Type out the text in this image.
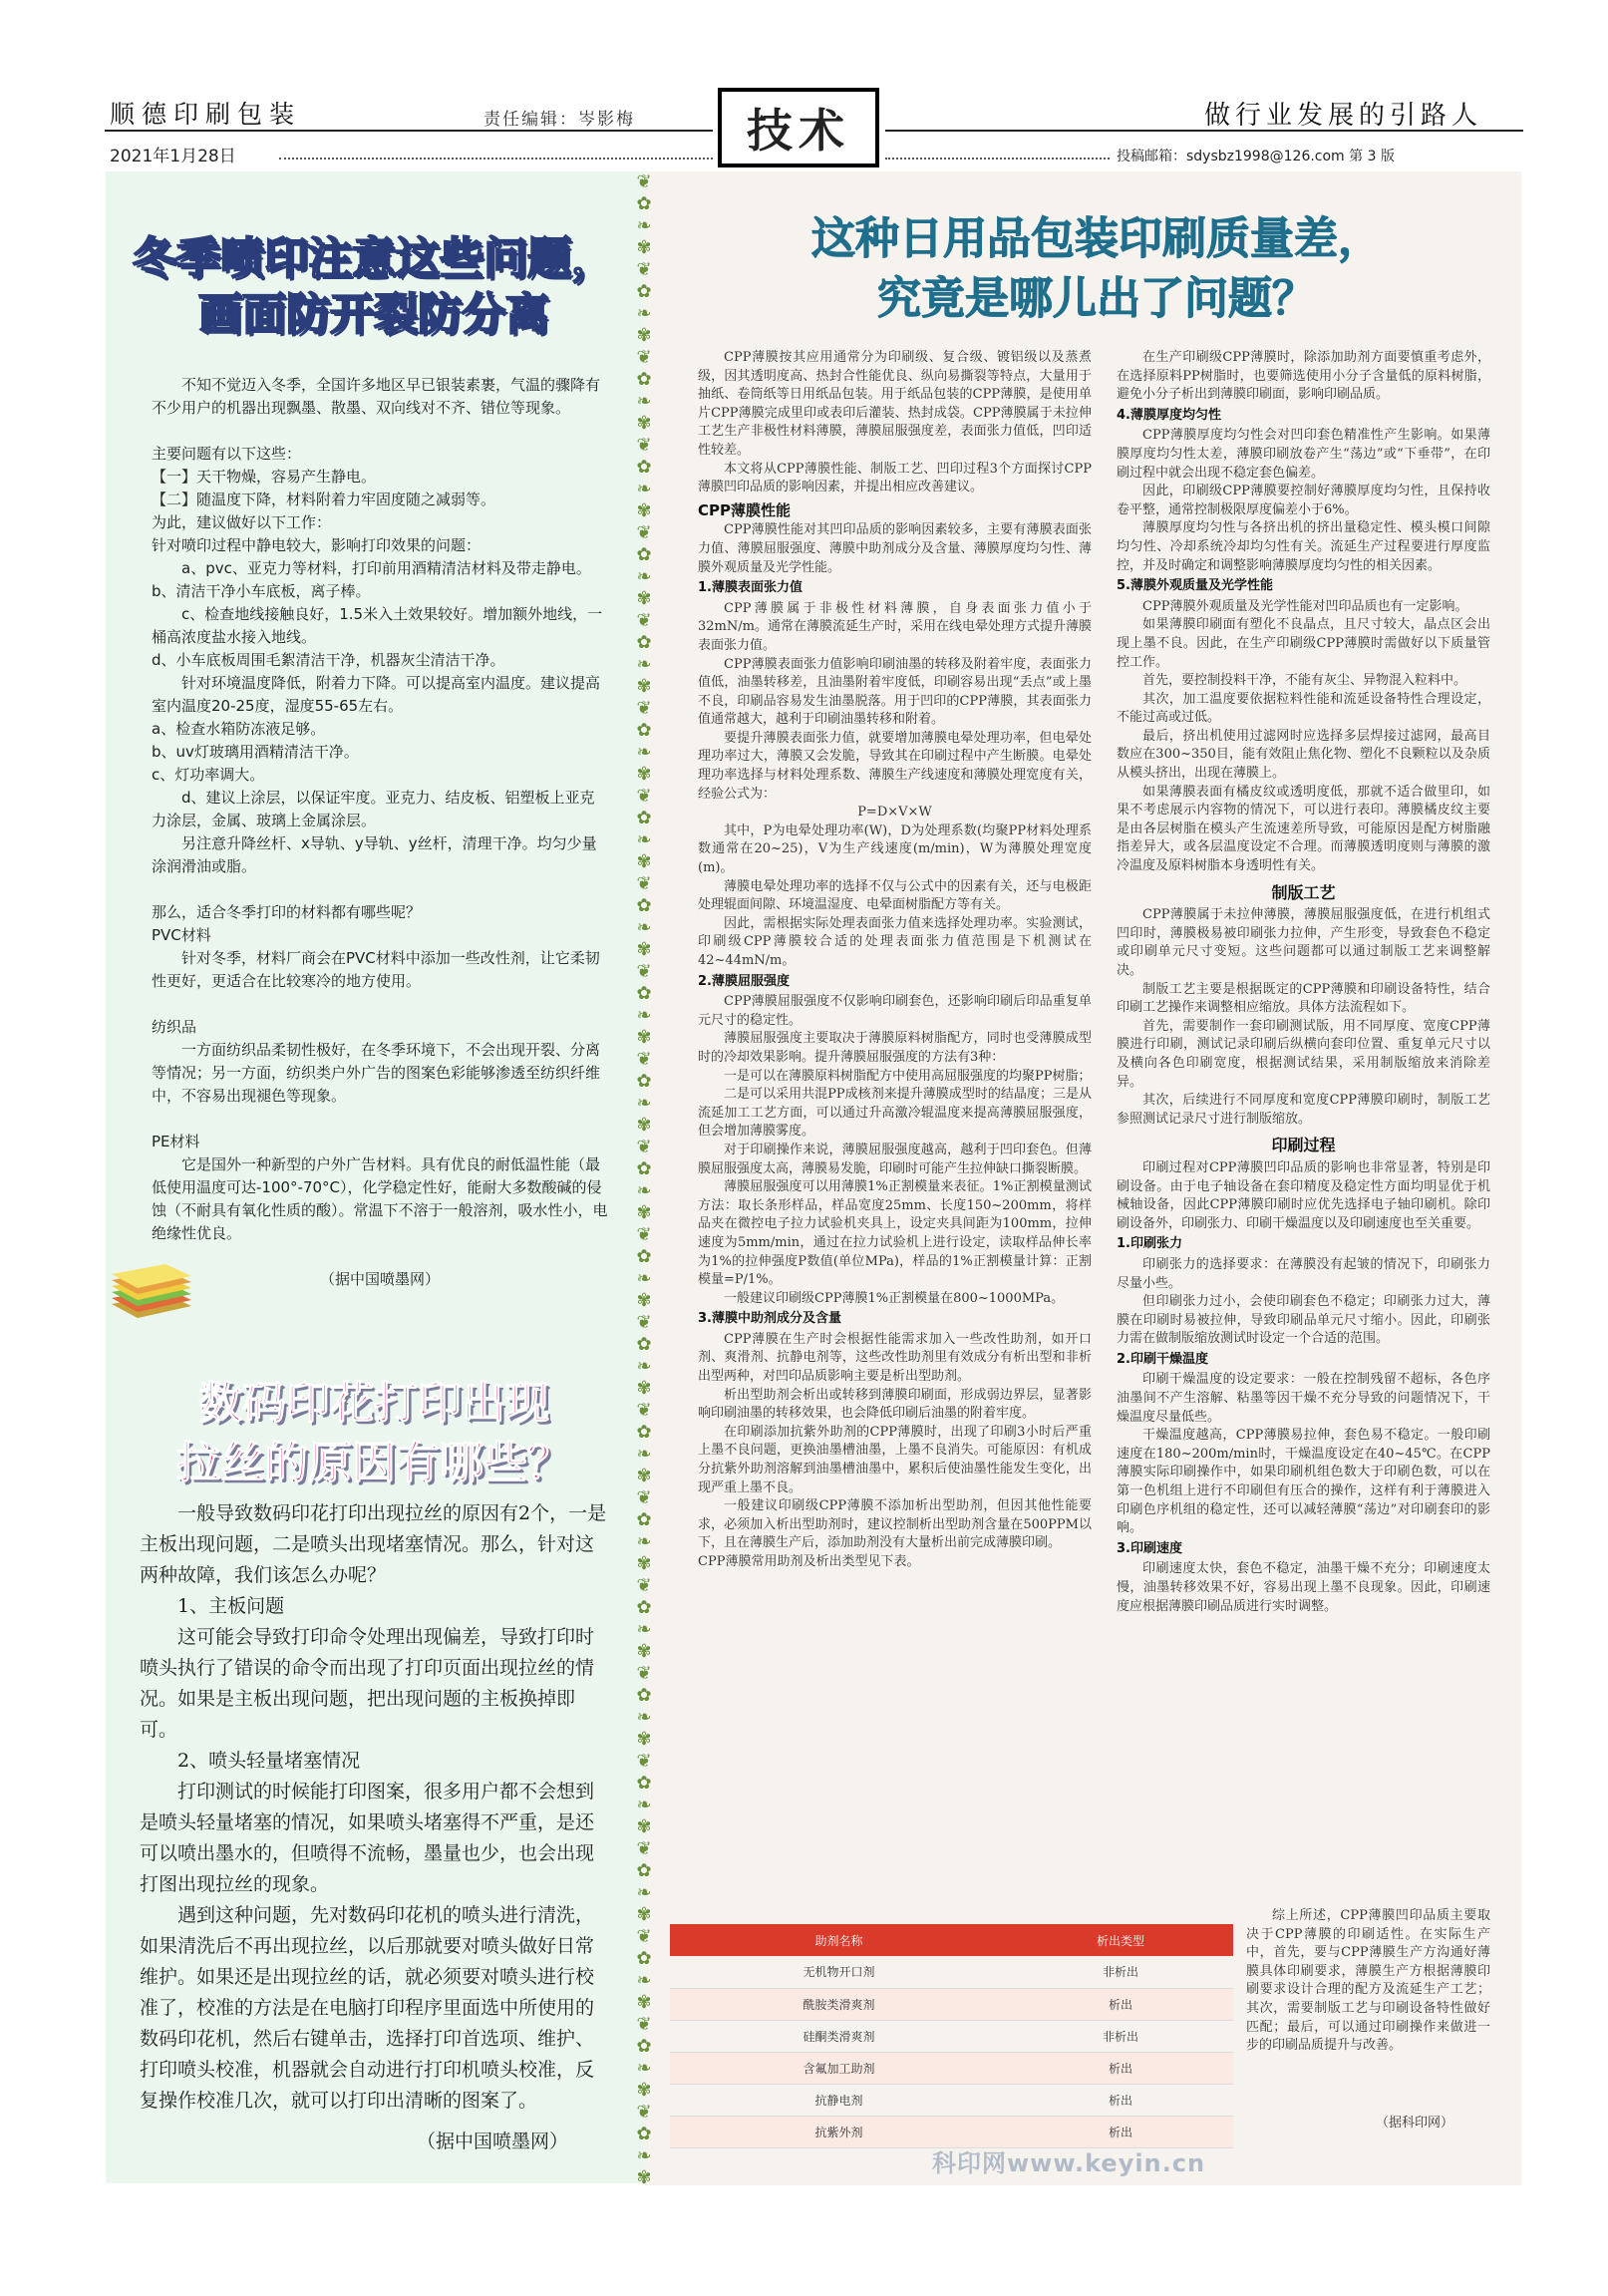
顺德印刷包装	责任编辑：岑影梅	技术	做行业发展的引路人
2021年1月28日	投稿邮箱：sdysbz1998@126.com 第 3 版
❦
✿
❧
✾
❦
✿
❧
✾
❦
✿
❧
✾
❦
✿
❧
✾
❦
✿
❧
✾
❦
✿
❧
✾
❦
✿
❧
✾
❦
✿
❧
✾
❦
✿
❧
✾
❦
✿
❧
✾
❦
✿
❧
✾
❦
✿
❧
✾
❦
✿
❧
✾
❦
✿
❧
✾
❦
✿
❧
✾
❦
✿
❧
✾
❦
✿
❧
✾
❦
✿
❧
✾
❦
✿
❧
✾
❦
✿
❧
✾
❦
✿
❧
✾
❦
✿
❧
✾
❦
✿
❧
✾
冬季喷印注意这些问题，
画面防开裂防分离

不知不觉迈入冬季，全国许多地区早已银装素裹，气温的骤降有不少用户的机器出现飘墨、散墨、双向线对不齐、错位等现象。

主要问题有以下这些：

【一】天干物燥，容易产生静电。

【二】随温度下降，材料附着力牢固度随之减弱等。

为此，建议做好以下工作：

针对喷印过程中静电较大，影响打印效果的问题：

a、pvc、亚克力等材料，打印前用酒精清洁材料及带走静电。

b、清洁干净小车底板，离子棒。

c、检查地线接触良好，1.5米入土效果较好。增加额外地线，一桶高浓度盐水接入地线。

d、小车底板周围毛絮清洁干净，机器灰尘清洁干净。

针对环境温度降低，附着力下降。可以提高室内温度。建议提高室内温度20-25度，湿度55-65左右。

a、检查水箱防冻液足够。

b、uv灯玻璃用酒精清洁干净。

c、灯功率调大。

d、建议上涂层，以保证牢度。亚克力、结皮板、铝塑板上亚克力涂层，金属、玻璃上金属涂层。

另注意升降丝杆、x导轨、y导轨、y丝杆，清理干净。均匀少量涂润滑油或脂。

那么，适合冬季打印的材料都有哪些呢？

PVC材料

针对冬季，材料厂商会在PVC材料中添加一些改性剂，让它柔韧性更好，更适合在比较寒冷的地方使用。

纺织品

一方面纺织品柔韧性极好，在冬季环境下，不会出现开裂、分离等情况；另一方面，纺织类户外广告的图案色彩能够渗透至纺织纤维中，不容易出现褪色等现象。

PE材料

它是国外一种新型的户外广告材料。具有优良的耐低温性能（最低使用温度可达-100°-70°C），化学稳定性好，能耐大多数酸碱的侵蚀（不耐具有氧化性质的酸）。常温下不溶于一般溶剂，吸水性小，电绝缘性优良。

（据中国喷墨网）

数码印花打印出现
拉丝的原因有哪些？

一般导致数码印花打印出现拉丝的原因有2个，一是主板出现问题，二是喷头出现堵塞情况。那么，针对这两种故障，我们该怎么办呢？

1、主板问题

这可能会导致打印命令处理出现偏差，导致打印时喷头执行了错误的命令而出现了打印页面出现拉丝的情况。如果是主板出现问题，把出现问题的主板换掉即可。

2、喷头轻量堵塞情况

打印测试的时候能打印图案，很多用户都不会想到是喷头轻量堵塞的情况，如果喷头堵塞得不严重，是还可以喷出墨水的，但喷得不流畅，墨量也少，也会出现打图出现拉丝的现象。

遇到这种问题，先对数码印花机的喷头进行清洗，如果清洗后不再出现拉丝，以后那就要对喷头做好日常维护。如果还是出现拉丝的话，就必须要对喷头进行校准了，校准的方法是在电脑打印程序里面选中所使用的数码印花机，然后右键单击，选择打印首选项、维护、打印喷头校准，机器就会自动进行打印机喷头校准，反复操作校准几次，就可以打印出清晰的图案了。

（据中国喷墨网）

这种日用品包装印刷质量差，
究竟是哪儿出了问题？

CPP薄膜按其应用通常分为印刷级、复合级、镀铝级以及蒸煮级，因其透明度高、热封合性能优良、纵向易撕裂等特点，大量用于抽纸、卷筒纸等日用纸品包装。用于纸品包装的CPP薄膜，是使用单片CPP薄膜完成里印或表印后灌装、热封成袋。CPP薄膜属于未拉伸工艺生产非极性材料薄膜，薄膜屈服强度差，表面张力值低，凹印适性较差。

本文将从CPP薄膜性能、制版工艺、凹印过程3个方面探讨CPP薄膜凹印品质的影响因素，并提出相应改善建议。

CPP薄膜性能

CPP薄膜性能对其凹印品质的影响因素较多，主要有薄膜表面张力值、薄膜屈服强度、薄膜中助剂成分及含量、薄膜厚度均匀性、薄膜外观质量及光学性能。

1.薄膜表面张力值

CPP薄膜属于非极性材料薄膜，自身表面张力值小于32mN/m。通常在薄膜流延生产时，采用在线电晕处理方式提升薄膜表面张力值。

CPP薄膜表面张力值影响印刷油墨的转移及附着牢度，表面张力值低，油墨转移差，且油墨附着牢度低，印刷容易出现“丢点”或上墨不良，印刷品容易发生油墨脱落。用于凹印的CPP薄膜，其表面张力值通常越大，越利于印刷油墨转移和附着。

要提升薄膜表面张力值，就要增加薄膜电晕处理功率，但电晕处理功率过大，薄膜又会发脆，导致其在印刷过程中产生断膜。电晕处理功率选择与材料处理系数、薄膜生产线速度和薄膜处理宽度有关，经验公式为：

P=D×V×W

其中，P为电晕处理功率(W)，D为处理系数(均聚PP材料处理系数通常在20~25)，V为生产线速度(m/min)，W为薄膜处理宽度(m)。

薄膜电晕处理功率的选择不仅与公式中的因素有关，还与电极距处理辊面间隙、环境温湿度、电晕面树脂配方等有关。

因此，需根据实际处理表面张力值来选择处理功率。实验测试，印刷级CPP薄膜较合适的处理表面张力值范围是下机测试在42~44mN/m。

2.薄膜屈服强度

CPP薄膜屈服强度不仅影响印刷套色，还影响印刷后印品重复单元尺寸的稳定性。

薄膜屈服强度主要取决于薄膜原料树脂配方，同时也受薄膜成型时的冷却效果影响。提升薄膜屈服强度的方法有3种：

一是可以在薄膜原料树脂配方中使用高屈服强度的均聚PP树脂；

二是可以采用共混PP成核剂来提升薄膜成型时的结晶度；三是从流延加工工艺方面，可以通过升高激冷辊温度来提高薄膜屈服强度，但会增加薄膜雾度。

对于印刷操作来说，薄膜屈服强度越高，越利于凹印套色。但薄膜屈服强度太高，薄膜易发脆，印刷时可能产生拉伸缺口撕裂断膜。

薄膜屈服强度可以用薄膜1%正割模量来表征。1%正割模量测试方法：取长条形样品，样品宽度25mm、长度150~200mm，将样品夹在微控电子拉力试验机夹具上，设定夹具间距为100mm，拉伸速度为5mm/min，通过在拉力试验机上进行设定，读取样品伸长率为1%的拉伸强度P数值(单位MPa)，样品的1%正割模量计算：正割模量=P/1%。

一般建议印刷级CPP薄膜1%正割模量在800~1000MPa。

3.薄膜中助剂成分及含量

CPP薄膜在生产时会根据性能需求加入一些改性助剂，如开口剂、爽滑剂、抗静电剂等，这些改性助剂里有效成分有析出型和非析出型两种，对凹印品质影响主要是析出型助剂。

析出型助剂会析出或转移到薄膜印刷面，形成弱边界层，显著影响印刷油墨的转移效果，也会降低印刷后油墨的附着牢度。

在印刷添加抗紫外助剂的CPP薄膜时，出现了印刷3小时后严重上墨不良问题，更换油墨槽油墨，上墨不良消失。可能原因：有机成分抗紫外助剂溶解到油墨槽油墨中，累积后使油墨性能发生变化，出现严重上墨不良。

一般建议印刷级CPP薄膜不添加析出型助剂，但因其他性能要求，必须加入析出型助剂时，建议控制析出型助剂含量在500PPM以下，且在薄膜生产后，添加助剂没有大量析出前完成薄膜印刷。

CPP薄膜常用助剂及析出类型见下表。

在生产印刷级CPP薄膜时，除添加助剂方面要慎重考虑外，在选择原料PP树脂时，也要筛选使用小分子含量低的原料树脂，避免小分子析出到薄膜印刷面，影响印刷品质。

4.薄膜厚度均匀性

CPP薄膜厚度均匀性会对凹印套色精准性产生影响。如果薄膜厚度均匀性太差，薄膜印刷放卷产生“荡边”或“下垂带”，在印刷过程中就会出现不稳定套色偏差。

因此，印刷级CPP薄膜要控制好薄膜厚度均匀性，且保持收卷平整，通常控制极限厚度偏差小于6%。

薄膜厚度均匀性与各挤出机的挤出量稳定性、模头模口间隙均匀性、冷却系统冷却均匀性有关。流延生产过程要进行厚度监控，并及时确定和调整影响薄膜厚度均匀性的相关因素。

5.薄膜外观质量及光学性能

CPP薄膜外观质量及光学性能对凹印品质也有一定影响。

如果薄膜印刷面有塑化不良晶点，且尺寸较大，晶点区会出现上墨不良。因此，在生产印刷级CPP薄膜时需做好以下质量管控工作。

首先，要控制投料干净，不能有灰尘、异物混入粒料中。

其次，加工温度要依据粒料性能和流延设备特性合理设定，不能过高或过低。

最后，挤出机使用过滤网时应选择多层焊接过滤网，最高目数应在300~350目，能有效阻止焦化物、塑化不良颗粒以及杂质从模头挤出，出现在薄膜上。

如果薄膜表面有橘皮纹或透明度低，那就不适合做里印，如果不考虑展示内容物的情况下，可以进行表印。薄膜橘皮纹主要是由各层树脂在模头产生流速差所导致，可能原因是配方树脂融指差异大，或各层温度设定不合理。而薄膜透明度则与薄膜的激冷温度及原料树脂本身透明性有关。

制版工艺

CPP薄膜属于未拉伸薄膜，薄膜屈服强度低，在进行机组式凹印时，薄膜极易被印刷张力拉伸，产生形变，导致套色不稳定或印刷单元尺寸变短。这些问题都可以通过制版工艺来调整解决。

制版工艺主要是根据既定的CPP薄膜和印刷设备特性，结合印刷工艺操作来调整相应缩放。具体方法流程如下。

首先，需要制作一套印刷测试版，用不同厚度、宽度CPP薄膜进行印刷，测试记录印刷后纵横向套印位置、重复单元尺寸以及横向各色印刷宽度，根据测试结果，采用制版缩放来消除差异。

其次，后续进行不同厚度和宽度CPP薄膜印刷时，制版工艺参照测试记录尺寸进行制版缩放。

印刷过程

印刷过程对CPP薄膜凹印品质的影响也非常显著，特别是印刷设备。由于电子轴设备在套印精度及稳定性方面均明显优于机械轴设备，因此CPP薄膜印刷时应优先选择电子轴印刷机。除印刷设备外，印刷张力、印刷干燥温度以及印刷速度也至关重要。

1.印刷张力

印刷张力的选择要求：在薄膜没有起皱的情况下，印刷张力尽量小些。

但印刷张力过小，会使印刷套色不稳定；印刷张力过大，薄膜在印刷时易被拉伸，导致印刷品单元尺寸缩小。因此，印刷张力需在做制版缩放测试时设定一个合适的范围。

2.印刷干燥温度

印刷干燥温度的设定要求：一般在控制残留不超标，各色序油墨间不产生溶解、粘墨等因干燥不充分导致的问题情况下，干燥温度尽量低些。

干燥温度越高，CPP薄膜易拉伸，套色易不稳定。一般印刷速度在180~200m/min时，干燥温度设定在40~45℃。在CPP薄膜实际印刷操作中，如果印刷机组色数大于印刷色数，可以在第一色机组上进行不印刷但有压合的操作，这样有利于薄膜进入印刷色序机组的稳定性，还可以减轻薄膜“荡边”对印刷套印的影响。

3.印刷速度

印刷速度太快，套色不稳定，油墨干燥不充分；印刷速度太慢，油墨转移效果不好，容易出现上墨不良现象。因此，印刷速度应根据薄膜印刷品质进行实时调整。

助剂名称	析出类型
无机物开口剂	非析出
酰胺类滑爽剂	析出
硅酮类滑爽剂	非析出
含氟加工助剂	析出
抗静电剂	析出
抗紫外剂	析出

综上所述，CPP薄膜凹印品质主要取决于CPP薄膜的印刷适性。在实际生产中，首先，要与CPP薄膜生产方沟通好薄膜具体印刷要求，薄膜生产方根据薄膜印刷要求设计合理的配方及流延生产工艺；其次，需要制版工艺与印刷设备特性做好匹配；最后，可以通过印刷操作来做进一步的印刷品质提升与改善。

（据科印网）
科印网www.keyin.cn
